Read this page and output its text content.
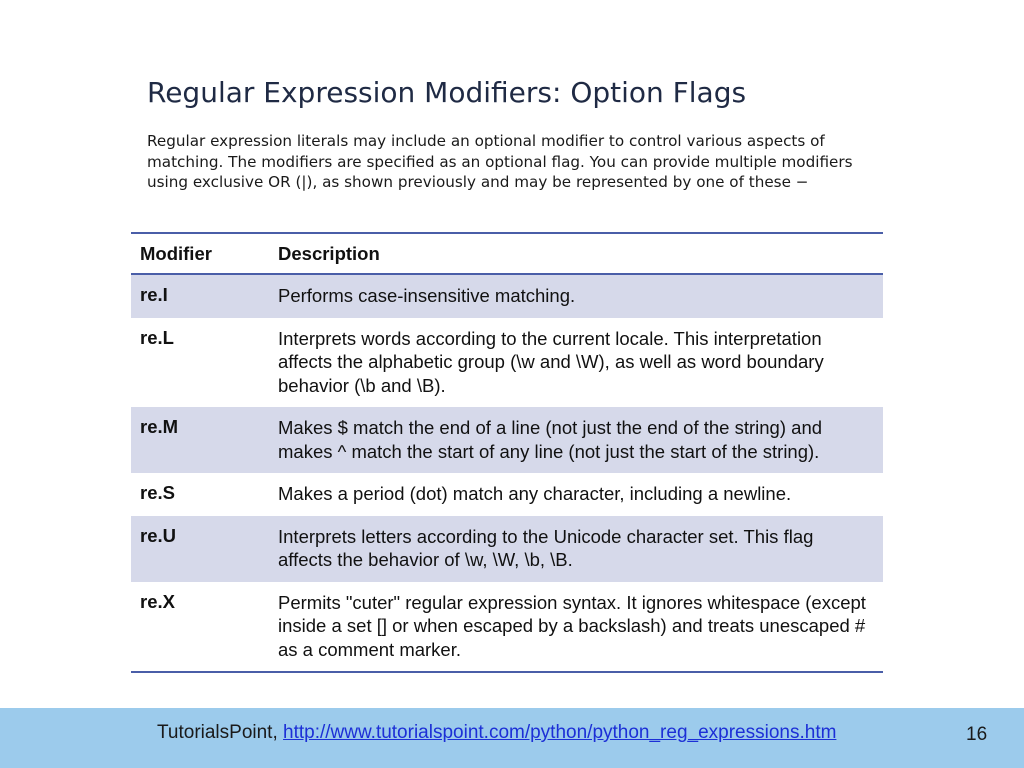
Regular Expression Modifiers: Option Flags
Regular expression literals may include an optional modifier to control various aspects of matching. The modifiers are specified as an optional flag. You can provide multiple modifiers using exclusive OR (|), as shown previously and may be represented by one of these −
Modifier	Description
re.I	Performs case-insensitive matching.
re.L	Interprets words according to the current locale. This interpretation affects the alphabetic group (\w and \W), as well as word boundary behavior (\b and \B).
re.M	Makes $ match the end of a line (not just the end of the string) and makes ^ match the start of any line (not just the start of the string).
re.S	Makes a period (dot) match any character, including a newline.
re.U	Interprets letters according to the Unicode character set. This flag affects the behavior of \w, \W, \b, \B.
re.X	Permits "cuter" regular expression syntax. It ignores whitespace (except inside a set [] or when escaped by a backslash) and treats unescaped # as a comment marker.
TutorialsPoint, http://www.tutorialspoint.com/python/python_reg_expressions.htm	16
